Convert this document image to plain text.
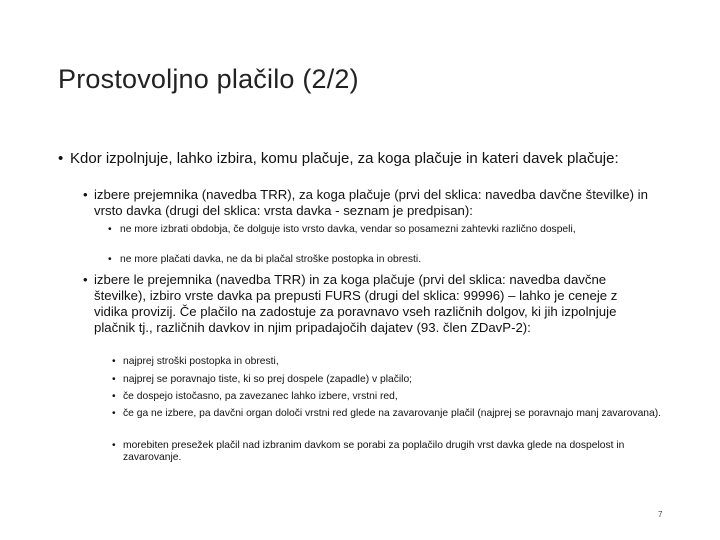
Prostovoljno plačilo (2/2)
• Kdor izpolnjuje, lahko izbira, komu plačuje, za koga plačuje in kateri davek plačuje:
• izbere prejemnika (navedba TRR), za koga plačuje (prvi del sklica: navedba davčne številke) in vrsto davka (drugi del sklica: vrsta davka - seznam je predpisan):
• ne more izbrati obdobja, če dolguje isto vrsto davka, vendar so posamezni zahtevki različno dospeli,
• ne more plačati davka, ne da bi plačal stroške postopka in obresti.
• izbere le prejemnika (navedba TRR) in za koga plačuje (prvi del sklica: navedba davčne številke), izbiro vrste davka pa prepusti FURS (drugi del sklica: 99996) – lahko je ceneje z vidika provizij. Če plačilo na zadostuje za poravnavo vseh različnih dolgov, ki jih izpolnjuje plačnik tj., različnih davkov in njim pripadajočih dajatev (93. člen ZDavP-2):
• najprej stroški postopka in obresti,
• najprej se poravnajo tiste, ki so prej dospele (zapadle) v plačilo;
• če dospejo istočasno, pa zavezanec lahko izbere, vrstni red,
• če ga ne izbere, pa davčni organ določi vrstni red glede na zavarovanje plačil (najprej se poravnajo manj zavarovana).
• morebiten presežek plačil nad izbranim davkom se porabi za poplačilo drugih vrst davka glede na dospelost in zavarovanje.
7
